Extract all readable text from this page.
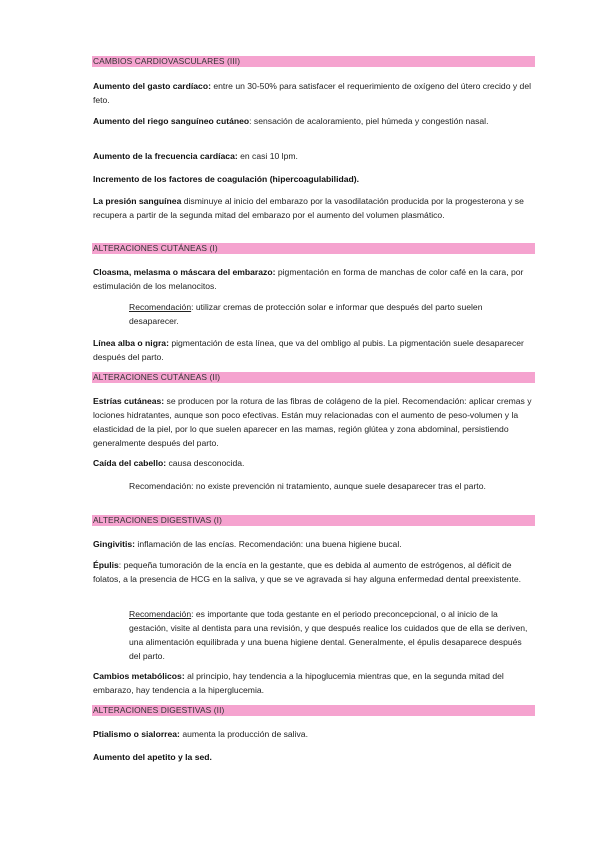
CAMBIOS CARDIOVASCULARES (III)
Aumento del gasto cardíaco: entre un 30-50% para satisfacer el requerimiento de oxígeno del útero crecido y del feto.
Aumento del riego sanguíneo cutáneo: sensación de acaloramiento, piel húmeda y congestión nasal.
Aumento de la frecuencia cardíaca: en casi 10 lpm.
Incremento de los factores de coagulación (hipercoagulabilidad).
La presión sanguínea disminuye al inicio del embarazo por la vasodilatación producida por la progesterona y se recupera a partir de la segunda mitad del embarazo por el aumento del volumen plasmático.
ALTERACIONES CUTÁNEAS (I)
Cloasma, melasma o máscara del embarazo: pigmentación en forma de manchas de color café en la cara, por estimulación de los melanocitos.
Recomendación: utilizar cremas de protección solar e informar que después del parto suelen desaparecer.
Línea alba o nigra: pigmentación de esta línea, que va del ombligo al pubis. La pigmentación suele desaparecer después del parto.
ALTERACIONES CUTÁNEAS (II)
Estrías cutáneas: se producen por la rotura de las fibras de colágeno de la piel. Recomendación: aplicar cremas y lociones hidratantes, aunque son poco efectivas. Están muy relacionadas con el aumento de peso-volumen y la elasticidad de la piel, por lo que suelen aparecer en las mamas, región glútea y zona abdominal, persistiendo generalmente después del parto.
Caída del cabello: causa desconocida.
Recomendación: no existe prevención ni tratamiento, aunque suele desaparecer tras el parto.
ALTERACIONES DIGESTIVAS (I)
Gingivitis: inflamación de las encías. Recomendación: una buena higiene bucal.
Épulis: pequeña tumoración de la encía en la gestante, que es debida al aumento de estrógenos, al déficit de folatos, a la presencia de HCG en la saliva, y que se ve agravada si hay alguna enfermedad dental preexistente.
Recomendación: es importante que toda gestante en el periodo preconcepcional, o al inicio de la gestación, visite al dentista para una revisión, y que después realice los cuidados que de ella se deriven, una alimentación equilibrada y una buena higiene dental. Generalmente, el épulis desaparece después del parto.
Cambios metabólicos: al principio, hay tendencia a la hipoglucemia mientras que, en la segunda mitad del embarazo, hay tendencia a la hiperglucemia.
ALTERACIONES DIGESTIVAS (II)
Ptialismo o sialorrea: aumenta la producción de saliva.
Aumento del apetito y la sed.
